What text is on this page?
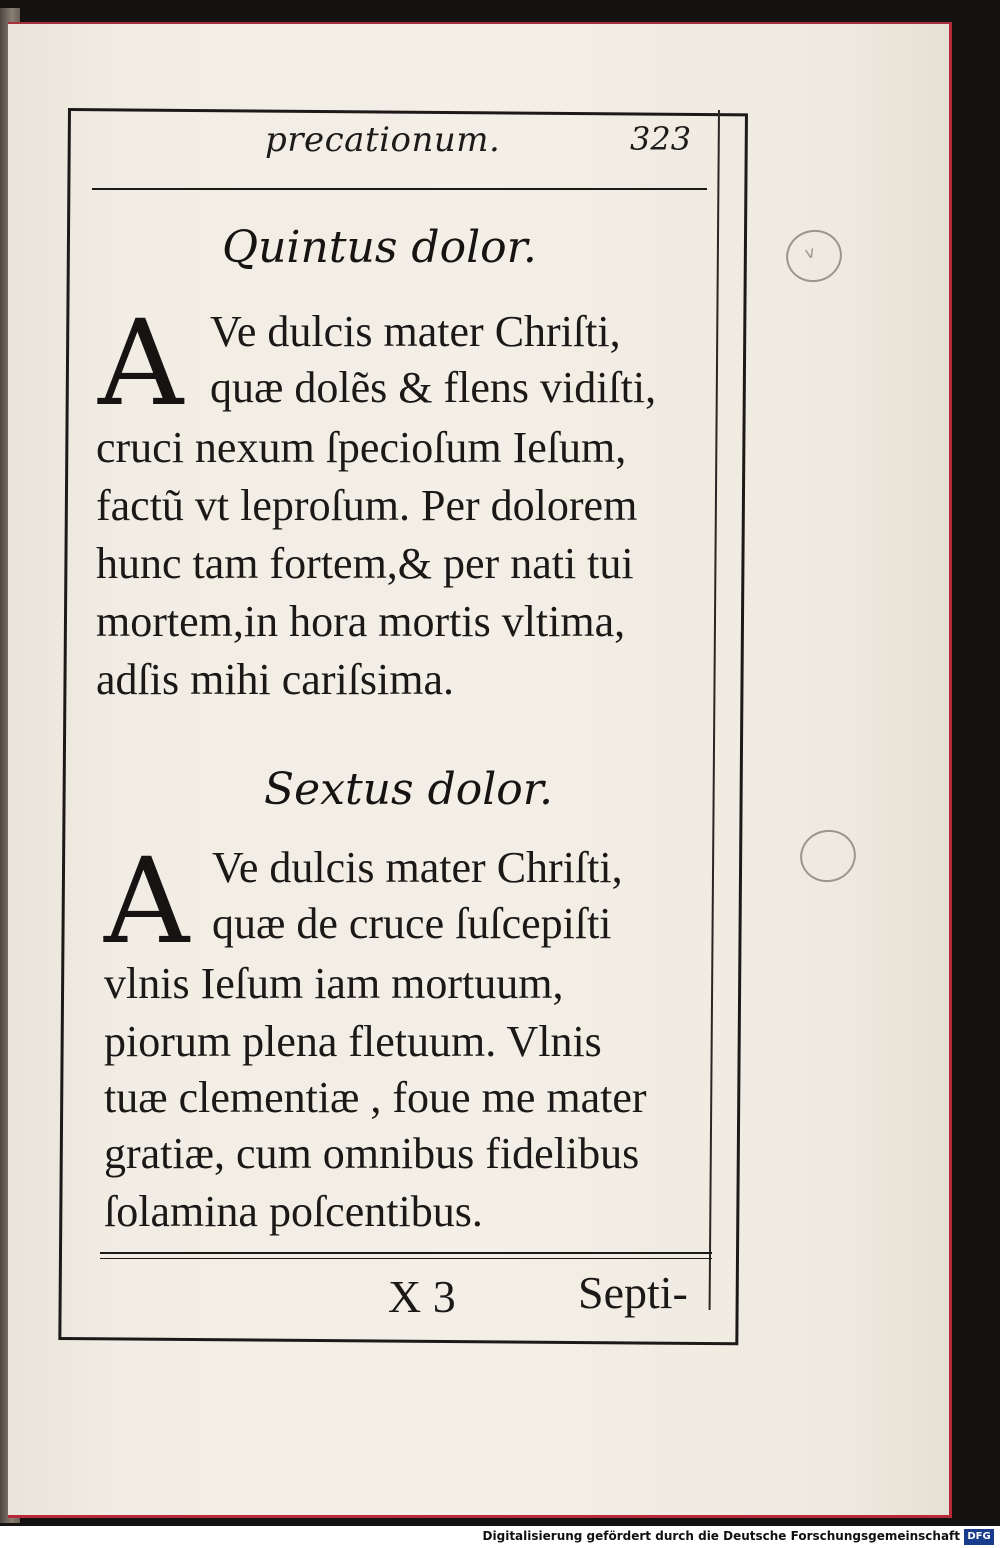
precationum.	323
Quintus dolor.
A Ve dulcis mater Chriſti,
quæ dolẽs & flens vidiſti,
cruci nexum ſpecioſum Ieſum,
factũ vt leproſum. Per dolorem
hunc tam fortem,& per nati tui
mortem,in hora mortis vltima,
adſis mihi cariſsima.
Sextus dolor.
A Ve dulcis mater Chriſti,
quæ de cruce ſuſcepiſti
vlnis Ieſum iam mortuum,
piorum plena fletuum. Vlnis
tuæ clementiæ , foue me mater
gratiæ, cum omnibus fidelibus
ſolamina poſcentibus.
X 3	Septi-
v
Digitalisierung gefördert durch die Deutsche Forschungsgemeinschaft DFG
